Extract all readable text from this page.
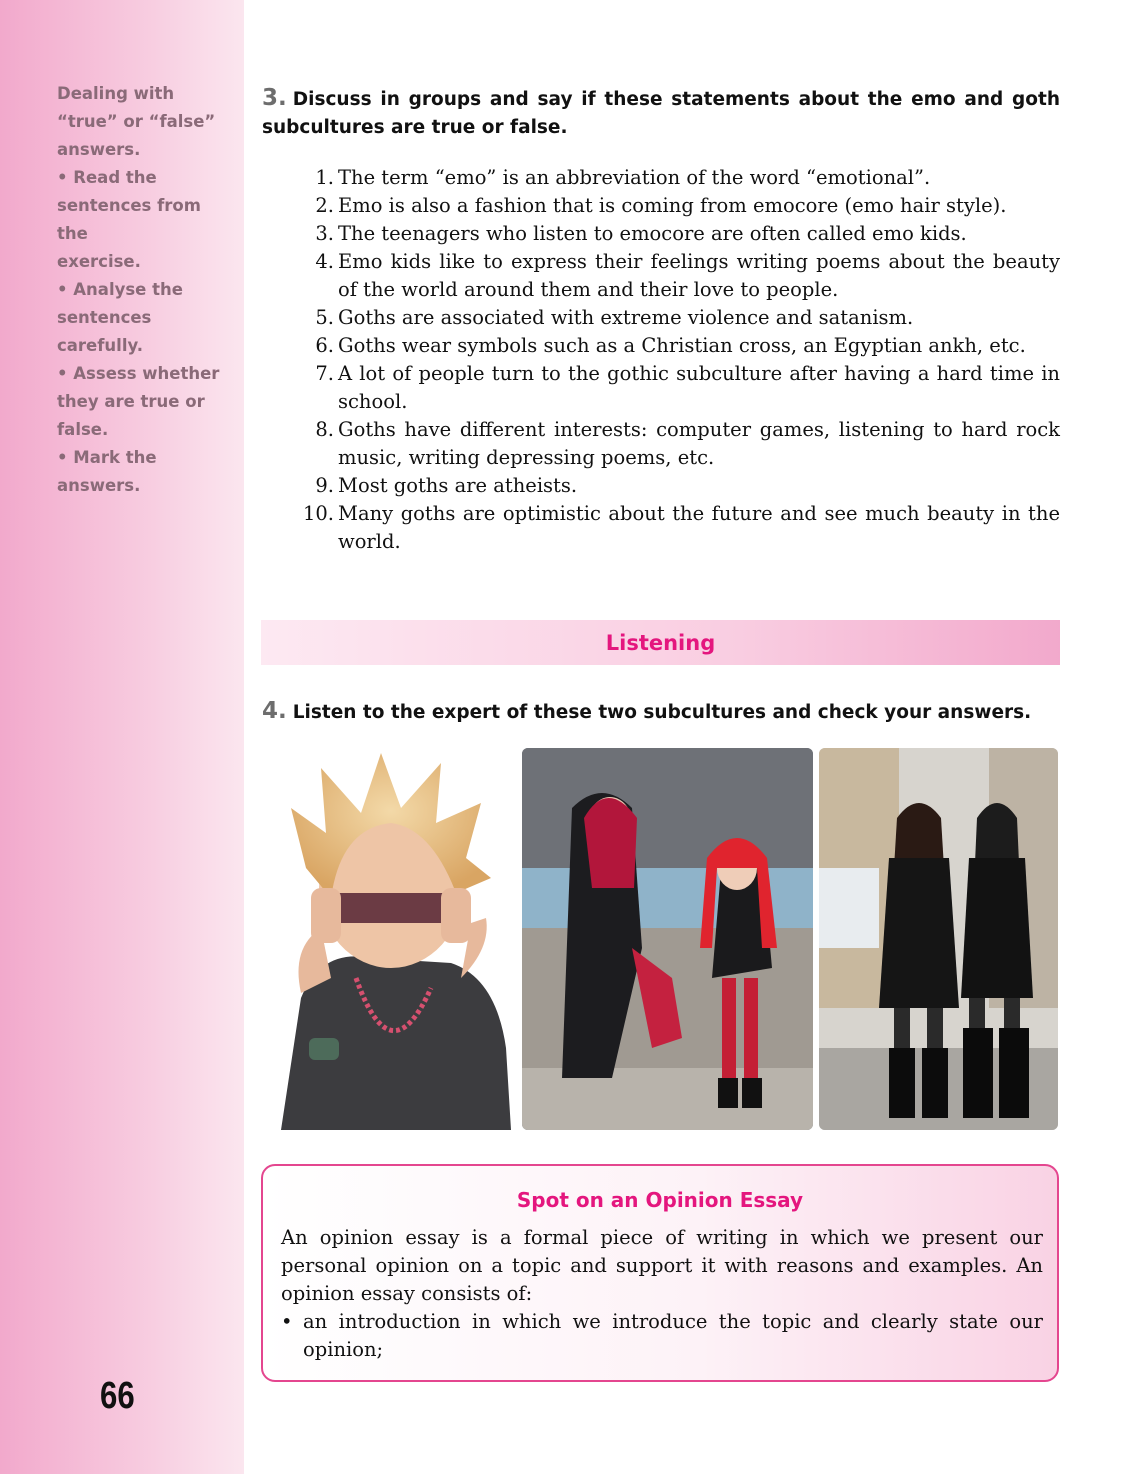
Dealing with
“true” or “false”
answers.
• Read the
sentences from the
exercise.
• Analyse the
sentences carefully.
• Assess whether
they are true or
false.
• Mark the answers.
66
3. Discuss in groups and say if these statements about the emo and goth subcultures are true or false.
1. The term “emo” is an abbreviation of the word “emotional”.
2. Emo is also a fashion that is coming from emocore (emo hair style).
3. The teenagers who listen to emocore are often called emo kids.
4. Emo kids like to express their feelings writing poems about the beauty of the world around them and their love to people.
5. Goths are associated with extreme violence and satanism.
6. Goths wear symbols such as a Christian cross, an Egyptian ankh, etc.
7. A lot of people turn to the gothic subculture after having a hard time in school.
8. Goths have different interests: computer games, listening to hard rock music, writing depressing poems, etc.
9. Most goths are atheists.
10. Many goths are optimistic about the future and see much beauty in the world.
Listening
4. Listen to the expert of these two subcultures and check your answers.
Spot on an Opinion Essay

An opinion essay is a formal piece of writing in which we present our personal opinion on a topic and support it with reasons and examples. An opinion essay consists of:

• an introduction in which we introduce the topic and clearly state our opinion;
